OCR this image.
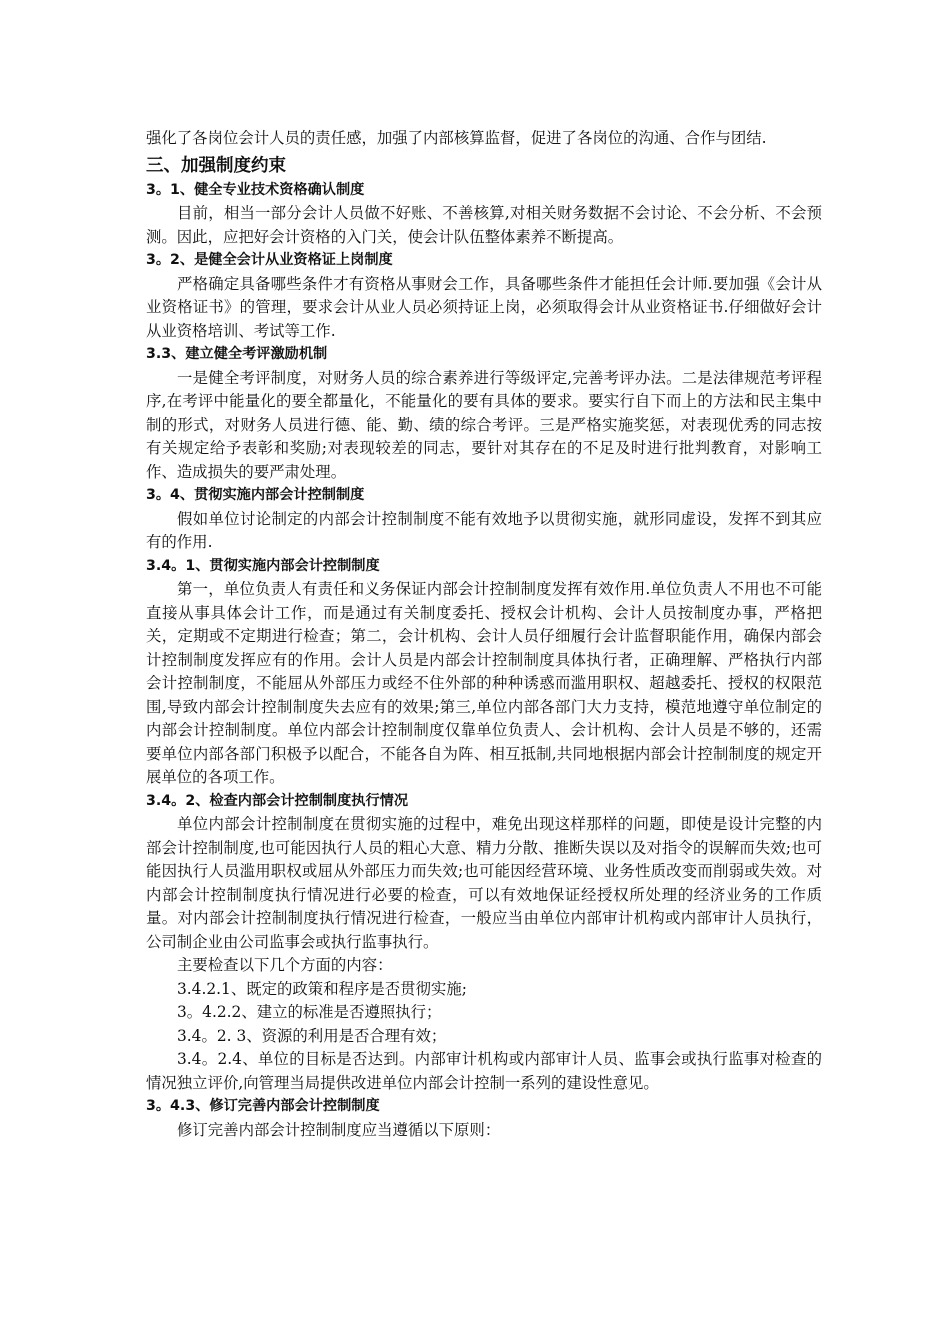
强化了各岗位会计人员的责任感，加强了内部核算监督，促进了各岗位的沟通、合作与团结.

三、加强制度约束
3。1、健全专业技术资格确认制度

目前，相当一部分会计人员做不好账、不善核算,对相关财务数据不会讨论、不会分析、不会预测。因此，应把好会计资格的入门关，使会计队伍整体素养不断提高。

3。2、是健全会计从业资格证上岗制度

严格确定具备哪些条件才有资格从事财会工作，具备哪些条件才能担任会计师.要加强《会计从业资格证书》的管理，要求会计从业人员必须持证上岗，必须取得会计从业资格证书.仔细做好会计从业资格培训、考试等工作.

3.3、建立健全考评激励机制

一是健全考评制度，对财务人员的综合素养进行等级评定,完善考评办法。二是法律规范考评程序,在考评中能量化的要全都量化，不能量化的要有具体的要求。要实行自下而上的方法和民主集中制的形式，对财务人员进行德、能、勤、绩的综合考评。三是严格实施奖惩，对表现优秀的同志按有关规定给予表彰和奖励;对表现较差的同志，要针对其存在的不足及时进行批判教育，对影响工作、造成损失的要严肃处理。

3。4、贯彻实施内部会计控制制度

假如单位讨论制定的内部会计控制制度不能有效地予以贯彻实施，就形同虚设，发挥不到其应有的作用.

3.4。1、贯彻实施内部会计控制制度

第一，单位负责人有责任和义务保证内部会计控制制度发挥有效作用.单位负责人不用也不可能直接从事具体会计工作，而是通过有关制度委托、授权会计机构、会计人员按制度办事，严格把关，定期或不定期进行检查；第二，会计机构、会计人员仔细履行会计监督职能作用，确保内部会计控制制度发挥应有的作用。会计人员是内部会计控制制度具体执行者，正确理解、严格执行内部会计控制制度，不能屈从外部压力或经不住外部的种种诱惑而滥用职权、超越委托、授权的权限范围,导致内部会计控制制度失去应有的效果;第三,单位内部各部门大力支持，模范地遵守单位制定的内部会计控制制度。单位内部会计控制制度仅靠单位负责人、会计机构、会计人员是不够的，还需要单位内部各部门积极予以配合，不能各自为阵、相互抵制,共同地根据内部会计控制制度的规定开展单位的各项工作。

3.4。2、检查内部会计控制制度执行情况

单位内部会计控制制度在贯彻实施的过程中，难免出现这样那样的问题，即使是设计完整的内部会计控制制度,也可能因执行人员的粗心大意、精力分散、推断失误以及对指令的误解而失效;也可能因执行人员滥用职权或屈从外部压力而失效;也可能因经营环境、业务性质改变而削弱或失效。对内部会计控制制度执行情况进行必要的检查，可以有效地保证经授权所处理的经济业务的工作质量。对内部会计控制制度执行情况进行检查，一般应当由单位内部审计机构或内部审计人员执行，公司制企业由公司监事会或执行监事执行。

主要检查以下几个方面的内容：

3.4.2.1、既定的政策和程序是否贯彻实施;

3。4.2.2、建立的标准是否遵照执行；

3.4。2. 3、资源的利用是否合理有效；

3.4。2.4、单位的目标是否达到。内部审计机构或内部审计人员、监事会或执行监事对检查的情况独立评价,向管理当局提供改进单位内部会计控制一系列的建设性意见。

3。4.3、修订完善内部会计控制制度

修订完善内部会计控制制度应当遵循以下原则：
